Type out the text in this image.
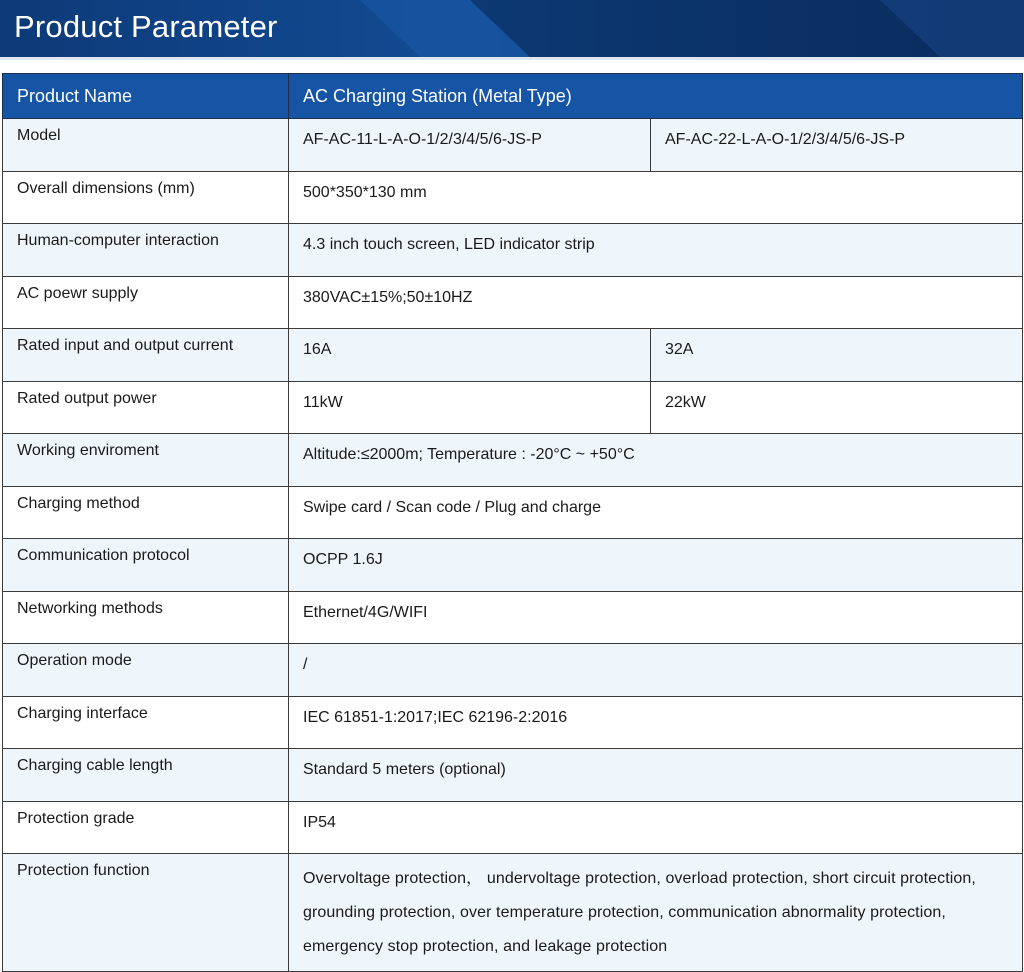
Product Parameter
Product Name	AC Charging Station (Metal Type)	
Model	AF-AC-11-L-A-O-1/2/3/4/5/6-JS-P	AF-AC-22-L-A-O-1/2/3/4/5/6-JS-P
Overall dimensions (mm)	500*350*130 mm	
Human-computer interaction	4.3 inch touch screen, LED indicator strip	
AC poewr supply	380VAC±15%;50±10HZ	
Rated input and output current	16A	32A
Rated output power	11kW	22kW
Working enviroment	Altitude:≤2000m; Temperature : -20°C ~ +50°C	
Charging method	Swipe card / Scan code / Plug and charge	
Communication protocol	OCPP 1.6J	
Networking methods	Ethernet/4G/WIFI	
Operation mode	/	
Charging interface	IEC 61851-1:2017;IEC 62196-2:2016	
Charging cable length	Standard 5 meters (optional)	
Protection grade	IP54	
Protection function	Overvoltage protection， undervoltage protection, overload protection, short circuit protection, grounding protection, over temperature protection, communication abnormality protection, emergency stop protection, and leakage protection	
